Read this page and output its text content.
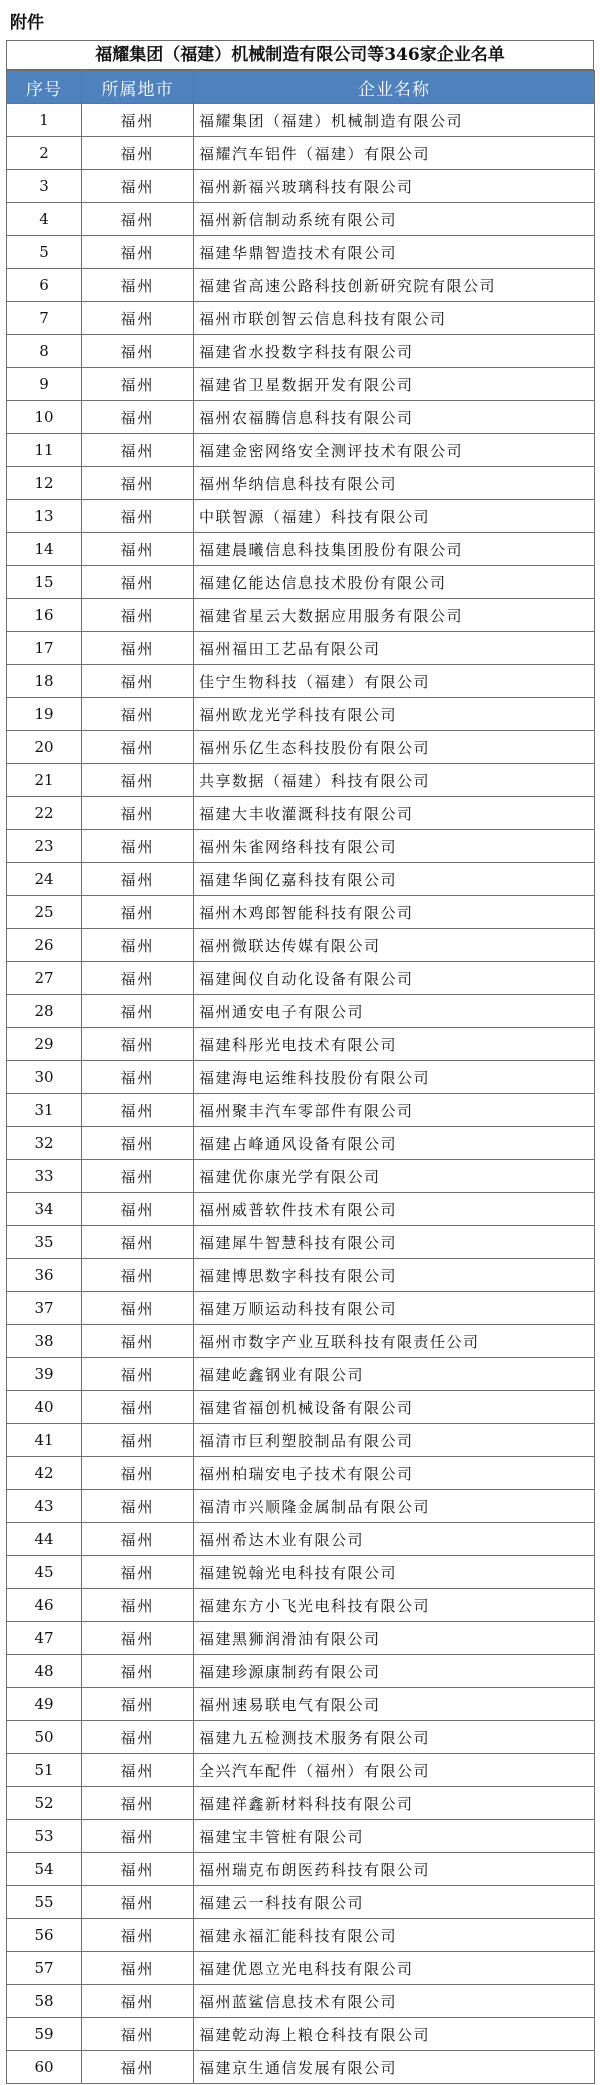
附件
福耀集团（福建）机械制造有限公司等346家企业名单
序号	所属地市	企业名称
1	福州	福耀集团（福建）机械制造有限公司
2	福州	福耀汽车铝件（福建）有限公司
3	福州	福州新福兴玻璃科技有限公司
4	福州	福州新信制动系统有限公司
5	福州	福建华鼎智造技术有限公司
6	福州	福建省高速公路科技创新研究院有限公司
7	福州	福州市联创智云信息科技有限公司
8	福州	福建省水投数字科技有限公司
9	福州	福建省卫星数据开发有限公司
10	福州	福州农福腾信息科技有限公司
11	福州	福建金密网络安全测评技术有限公司
12	福州	福州华纳信息科技有限公司
13	福州	中联智源（福建）科技有限公司
14	福州	福建晨曦信息科技集团股份有限公司
15	福州	福建亿能达信息技术股份有限公司
16	福州	福建省星云大数据应用服务有限公司
17	福州	福州福田工艺品有限公司
18	福州	佳宁生物科技（福建）有限公司
19	福州	福州欧龙光学科技有限公司
20	福州	福州乐亿生态科技股份有限公司
21	福州	共享数据（福建）科技有限公司
22	福州	福建大丰收灌溉科技有限公司
23	福州	福州朱雀网络科技有限公司
24	福州	福建华闽亿嘉科技有限公司
25	福州	福州木鸡郎智能科技有限公司
26	福州	福州微联达传媒有限公司
27	福州	福建闽仪自动化设备有限公司
28	福州	福州通安电子有限公司
29	福州	福建科彤光电技术有限公司
30	福州	福建海电运维科技股份有限公司
31	福州	福州聚丰汽车零部件有限公司
32	福州	福建占峰通风设备有限公司
33	福州	福建优你康光学有限公司
34	福州	福州威普软件技术有限公司
35	福州	福建犀牛智慧科技有限公司
36	福州	福建博思数字科技有限公司
37	福州	福建万顺运动科技有限公司
38	福州	福州市数字产业互联科技有限责任公司
39	福州	福建屹鑫钢业有限公司
40	福州	福建省福创机械设备有限公司
41	福州	福清市巨利塑胶制品有限公司
42	福州	福州柏瑞安电子技术有限公司
43	福州	福清市兴顺隆金属制品有限公司
44	福州	福州希达木业有限公司
45	福州	福建锐翰光电科技有限公司
46	福州	福建东方小飞光电科技有限公司
47	福州	福建黑狮润滑油有限公司
48	福州	福建珍源康制药有限公司
49	福州	福州速易联电气有限公司
50	福州	福建九五检测技术服务有限公司
51	福州	全兴汽车配件（福州）有限公司
52	福州	福建祥鑫新材料科技有限公司
53	福州	福建宝丰管桩有限公司
54	福州	福州瑞克布朗医药科技有限公司
55	福州	福建云一科技有限公司
56	福州	福建永福汇能科技有限公司
57	福州	福建优恩立光电科技有限公司
58	福州	福州蓝鲨信息技术有限公司
59	福州	福建乾动海上粮仓科技有限公司
60	福州	福建京生通信发展有限公司
